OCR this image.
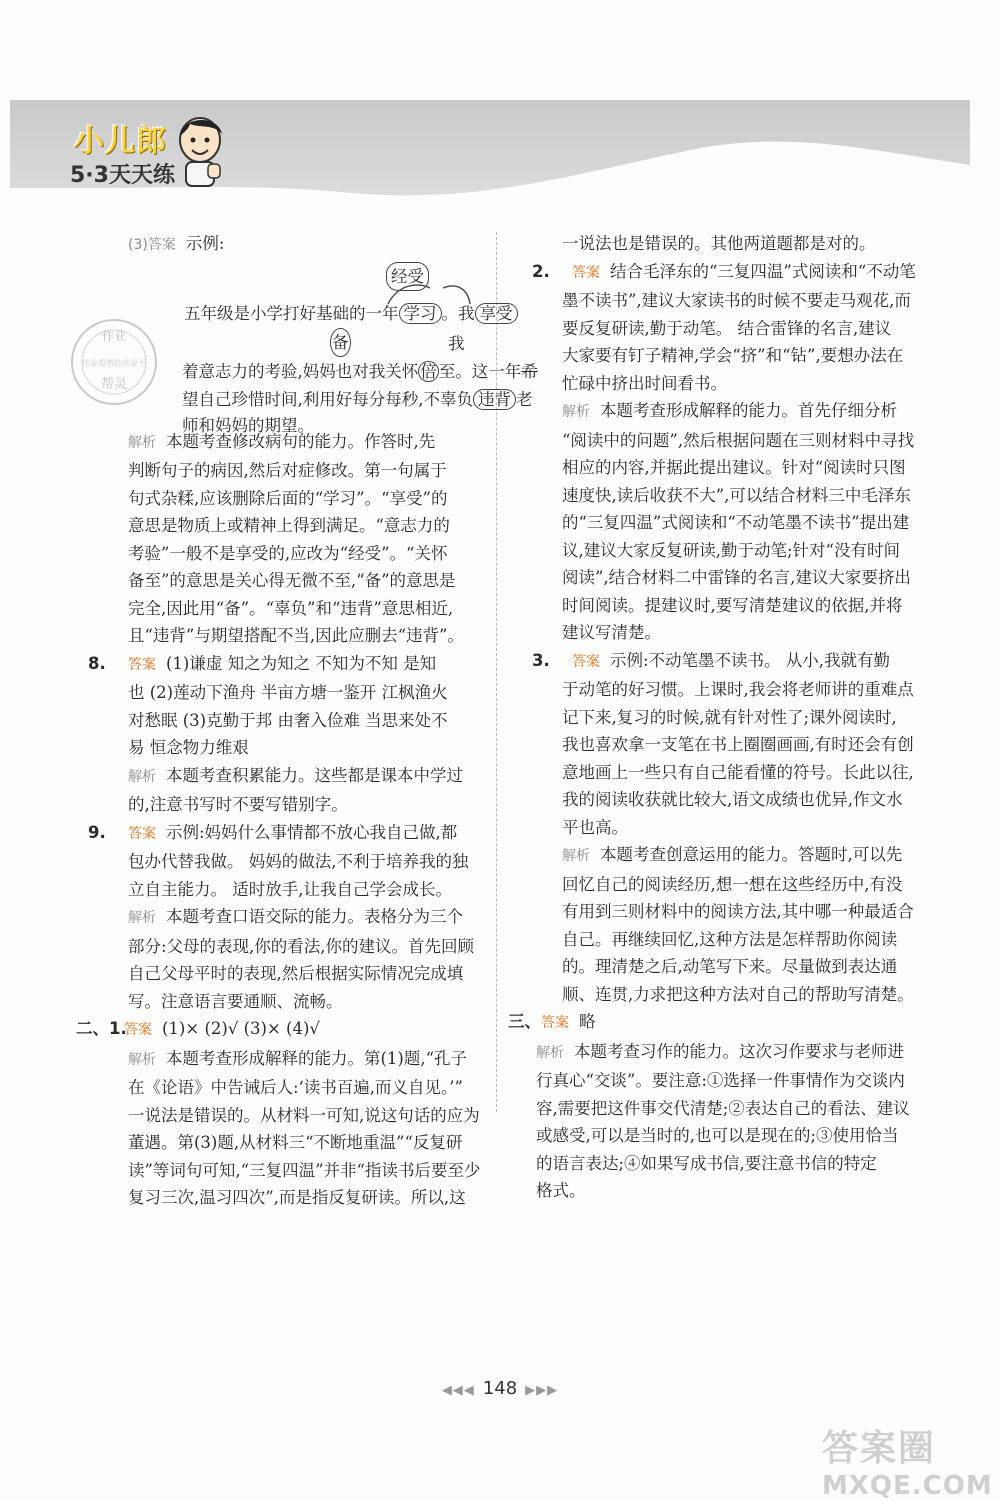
小儿郎
5·3天天练
(3)答案 示例:
经受
五年级是小学打好基础的一年 学习 。我 享受
备	我
着意志力的考验,妈妈也对我关怀 倍 至。这一年希
望自己珍惜时间,利用好每分每秒,不辜负 违背 老
师和妈妈的期望。
作业
作业帮帮你作业不
帮灵
解析 本题考查修改病句的能力。作答时,先
判断句子的病因,然后对症修改。第一句属于
句式杂糅,应该删除后面的“学习”。“享受”的
意思是物质上或精神上得到满足。“意志力的
考验”一般不是享受的,应改为“经受”。“关怀
备至”的意思是关心得无微不至,“备”的意思是
完全,因此用“备”。“辜负”和“违背”意思相近,
且“违背”与期望搭配不当,因此应删去“违背”。
8. 答案 (1)谦虚 知之为知之 不知为不知 是知
也 (2)莲动下渔舟 半亩方塘一鉴开 江枫渔火
对愁眠 (3)克勤于邦 由奢入俭难 当思来处不
易 恒念物力维艰
解析 本题考查积累能力。这些都是课本中学过
的,注意书写时不要写错别字。
9. 答案 示例:妈妈什么事情都不放心我自己做,都
包办代替我做。 妈妈的做法,不利于培养我的独
立自主能力。 适时放手,让我自己学会成长。
解析 本题考查口语交际的能力。表格分为三个
部分:父母的表现,你的看法,你的建议。首先回顾
自己父母平时的表现,然后根据实际情况完成填
写。注意语言要通顺、流畅。
二、1.答案 (1)× (2)√ (3)× (4)√
解析 本题考查形成解释的能力。第(1)题,“孔子
在《论语》中告诫后人:‘读书百遍,而义自见。’”
一说法是错误的。从材料一可知,说这句话的应为
董遇。第(3)题,从材料三“不断地重温”“反复研
读”等词句可知,“三复四温”并非“指读书后要至少
复习三次,温习四次”,而是指反复研读。所以,这
一说法也是错误的。其他两道题都是对的。
2. 答案 结合毛泽东的“三复四温”式阅读和“不动笔
墨不读书”,建议大家读书的时候不要走马观花,而
要反复研读,勤于动笔。 结合雷锋的名言,建议
大家要有钉子精神,学会“挤”和“钻”,要想办法在
忙碌中挤出时间看书。
解析 本题考查形成解释的能力。首先仔细分析
“阅读中的问题”,然后根据问题在三则材料中寻找
相应的内容,并据此提出建议。针对“阅读时只图
速度快,读后收获不大”,可以结合材料三中毛泽东
的“三复四温”式阅读和“不动笔墨不读书”提出建
议,建议大家反复研读,勤于动笔;针对“没有时间
阅读”,结合材料二中雷锋的名言,建议大家要挤出
时间阅读。提建议时,要写清楚建议的依据,并将
建议写清楚。
3. 答案 示例:不动笔墨不读书。 从小,我就有勤
于动笔的好习惯。上课时,我会将老师讲的重难点
记下来,复习的时候,就有针对性了;课外阅读时,
我也喜欢拿一支笔在书上圈圈画画,有时还会有创
意地画上一些只有自己能看懂的符号。长此以往,
我的阅读收获就比较大,语文成绩也优异,作文水
平也高。
解析 本题考查创意运用的能力。答题时,可以先
回忆自己的阅读经历,想一想在这些经历中,有没
有用到三则材料中的阅读方法,其中哪一种最适合
自己。再继续回忆,这种方法是怎样帮助你阅读
的。理清楚之后,动笔写下来。尽量做到表达通
顺、连贯,力求把这种方法对自己的帮助写清楚。
三、答案 略
解析 本题考查习作的能力。这次习作要求与老师进
行真心“交谈”。要注意:①选择一件事情作为交谈内
容,需要把这件事交代清楚;②表达自己的看法、建议
或感受,可以是当时的,也可以是现在的;③使用恰当
的语言表达;④如果写成书信,要注意书信的特定
格式。
◀◀◀ 148 ▶▶▶
答案圈
MXQE.COM
